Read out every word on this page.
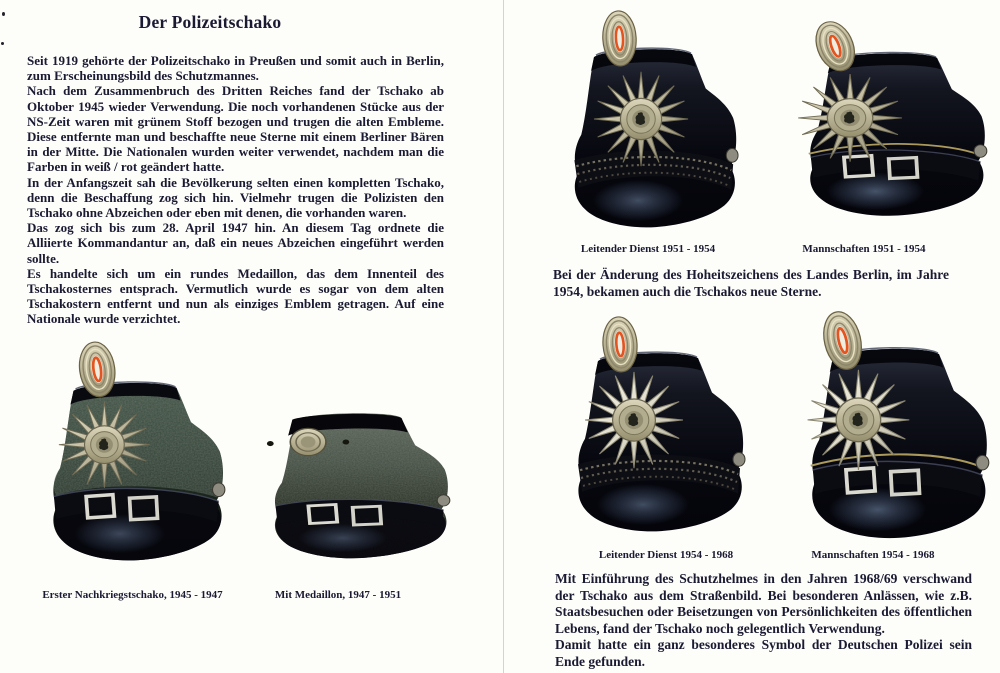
Der Polizeitschako

Seit 1919 gehörte der Polizeitschako in Preußen und somit auch in Berlin, zum Erscheinungsbild des Schutzmannes.

Nach dem Zusammenbruch des Dritten Reiches fand der Tschako ab Oktober 1945 wieder Verwendung. Die noch vorhandenen Stücke aus der NS-Zeit waren mit grünem Stoff bezogen und trugen die alten Embleme. Diese entfernte man und beschaffte neue Sterne mit einem Berliner Bären in der Mitte. Die Nationalen wurden weiter verwendet, nachdem man die Farben in weiß / rot geändert hatte.

In der Anfangszeit sah die Bevölkerung selten einen kompletten Tschako, denn die Beschaffung zog sich hin. Vielmehr trugen die Polizisten den Tschako ohne Abzeichen oder eben mit denen, die vorhanden waren.

Das zog sich bis zum 28. April 1947 hin. An diesem Tag ordnete die Alliierte Kommandantur an, daß ein neues Abzeichen eingeführt werden sollte.

Es handelte sich um ein rundes Medaillon, das dem Innenteil des Tschakosternes entsprach. Vermutlich wurde es sogar von dem alten Tschakostern entfernt und nun als einziges Emblem getragen. Auf eine Nationale wurde verzichtet.

Erster Nachkriegstschako, 1945 - 1947	Mit Medaillon, 1947 - 1951
Leitender Dienst 1951 - 1954	Mannschaften 1951 - 1954
Leitender Dienst 1954 - 1968	Mannschaften 1954 - 1968

Bei der Änderung des Hoheitszeichens des Landes Berlin, im Jahre 1954, bekamen auch die Tschakos neue Sterne.

Mit Einführung des Schutzhelmes in den Jahren 1968/69 verschwand der Tschako aus dem Straßenbild. Bei besonderen Anlässen, wie z.B. Staatsbesuchen oder Beisetzungen von Persönlichkeiten des öffentlichen Lebens, fand der Tschako noch gelegentlich Verwendung.

Damit hatte ein ganz besonderes Symbol der Deutschen Polizei sein Ende gefunden.
